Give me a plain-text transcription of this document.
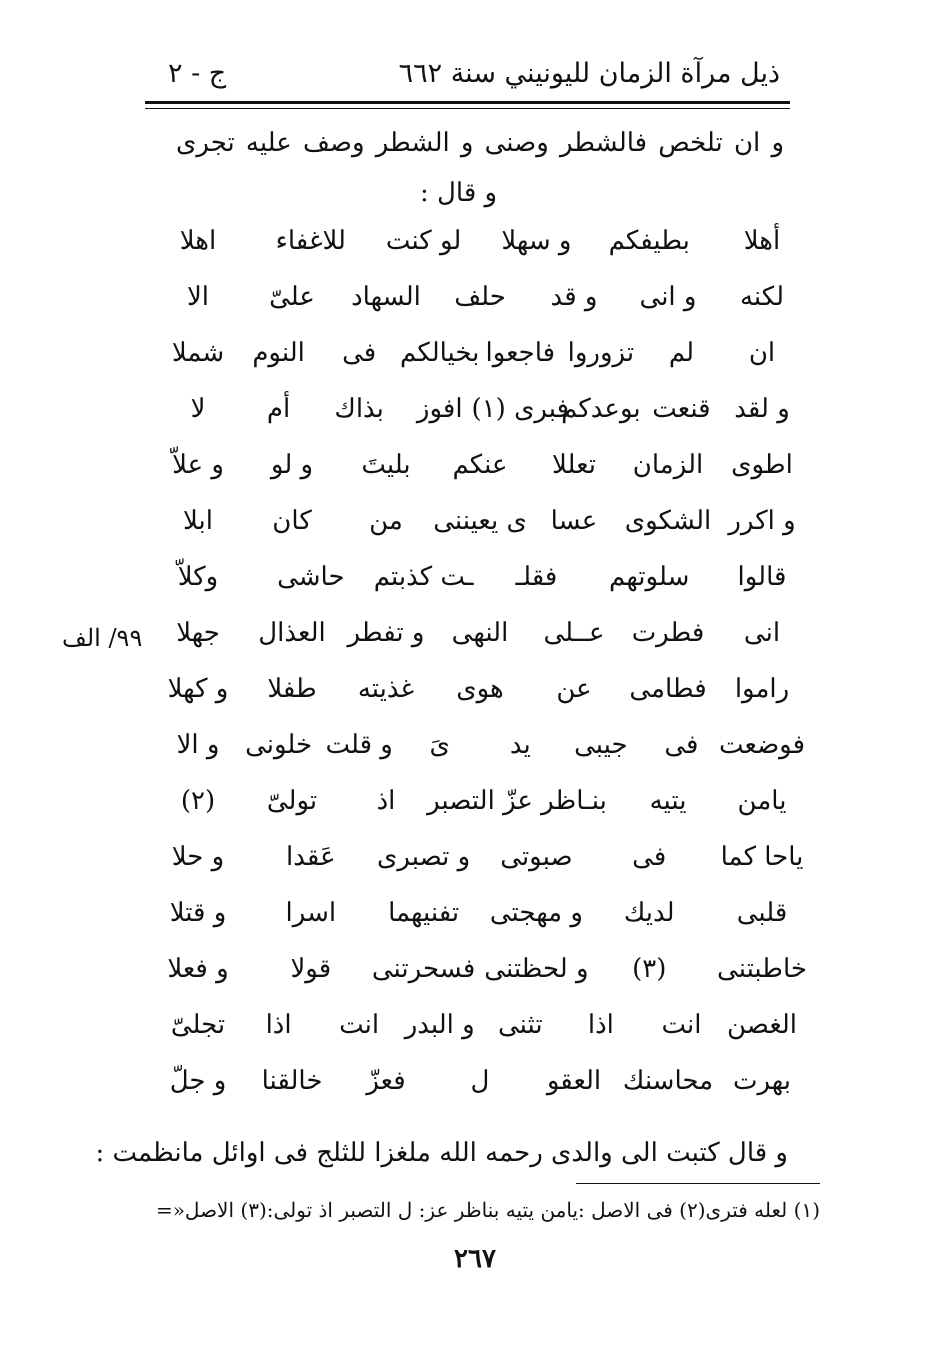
ذيل مرآة الزمان لليونيني سنة ٦٦٢
ج - ٢
و ان تلخص فالشطر وصنى و الشطر وصف عليه تجرى
و قال :
أهلا
بطيفكم
و سهلا
لو كنت
للاغفاء
اهلا
لكنه
و انى
و قد
حلف
السهاد
علىّ
الا
ان
لم
تزوروا
فاجعوا
بخيالكم
فى
النوم
شملا
و لقد
قنعت
بوعدكم
فبرى (١)
افوز
بذاك
أم
لا
اطوى
الزمان
تعللا
عنكم
بليتَ
و لو
و علاّ
و اكرر
الشكوى
عسا
ى يعيننى
من
كان
ابلا
قالوا
سلوتهم
فقلـ
ـت كذبتم
حاشى
وكلاّ
انى
فطرت
عــلى
النهى
و تفطر
العذال
جهلا
راموا
فطامى
عن
هوى
غذيته
طفلا
و كهلا
فوضعت
فى
جيبى
يد
ىَ
و قلت
خلونى
و الا
يامن
يتيه
بنـاظر
عزّ التصبر
اذ
تولىّ
(٢)
ياحا كما
فى
صبوتى
و تصبرى
عَقدا
و حلا
قلبى
لديك
و مهجتى
تفنيهما
اسرا
و قتلا
خاطبتنى
(٣)
و لحظتنى
فسحرتنى
قولا
و فعلا
الغصن
انت
اذا
تثنى
و البدر
انت
اذا
تجلىّ
بهرت
محاسنك
العقو
ل
فعزّ
خالقنا
و جلّ
٩٩/ الف
و قال كتبت الى والدى رحمه الله ملغزا للثلج فى اوائل مانظمت :
(١) لعله فترى(٢) فى الاصل :يامن يتيه بناظر عز: ل التصبر اذ تولى:(٣) الاصل«=
٢٦٧
